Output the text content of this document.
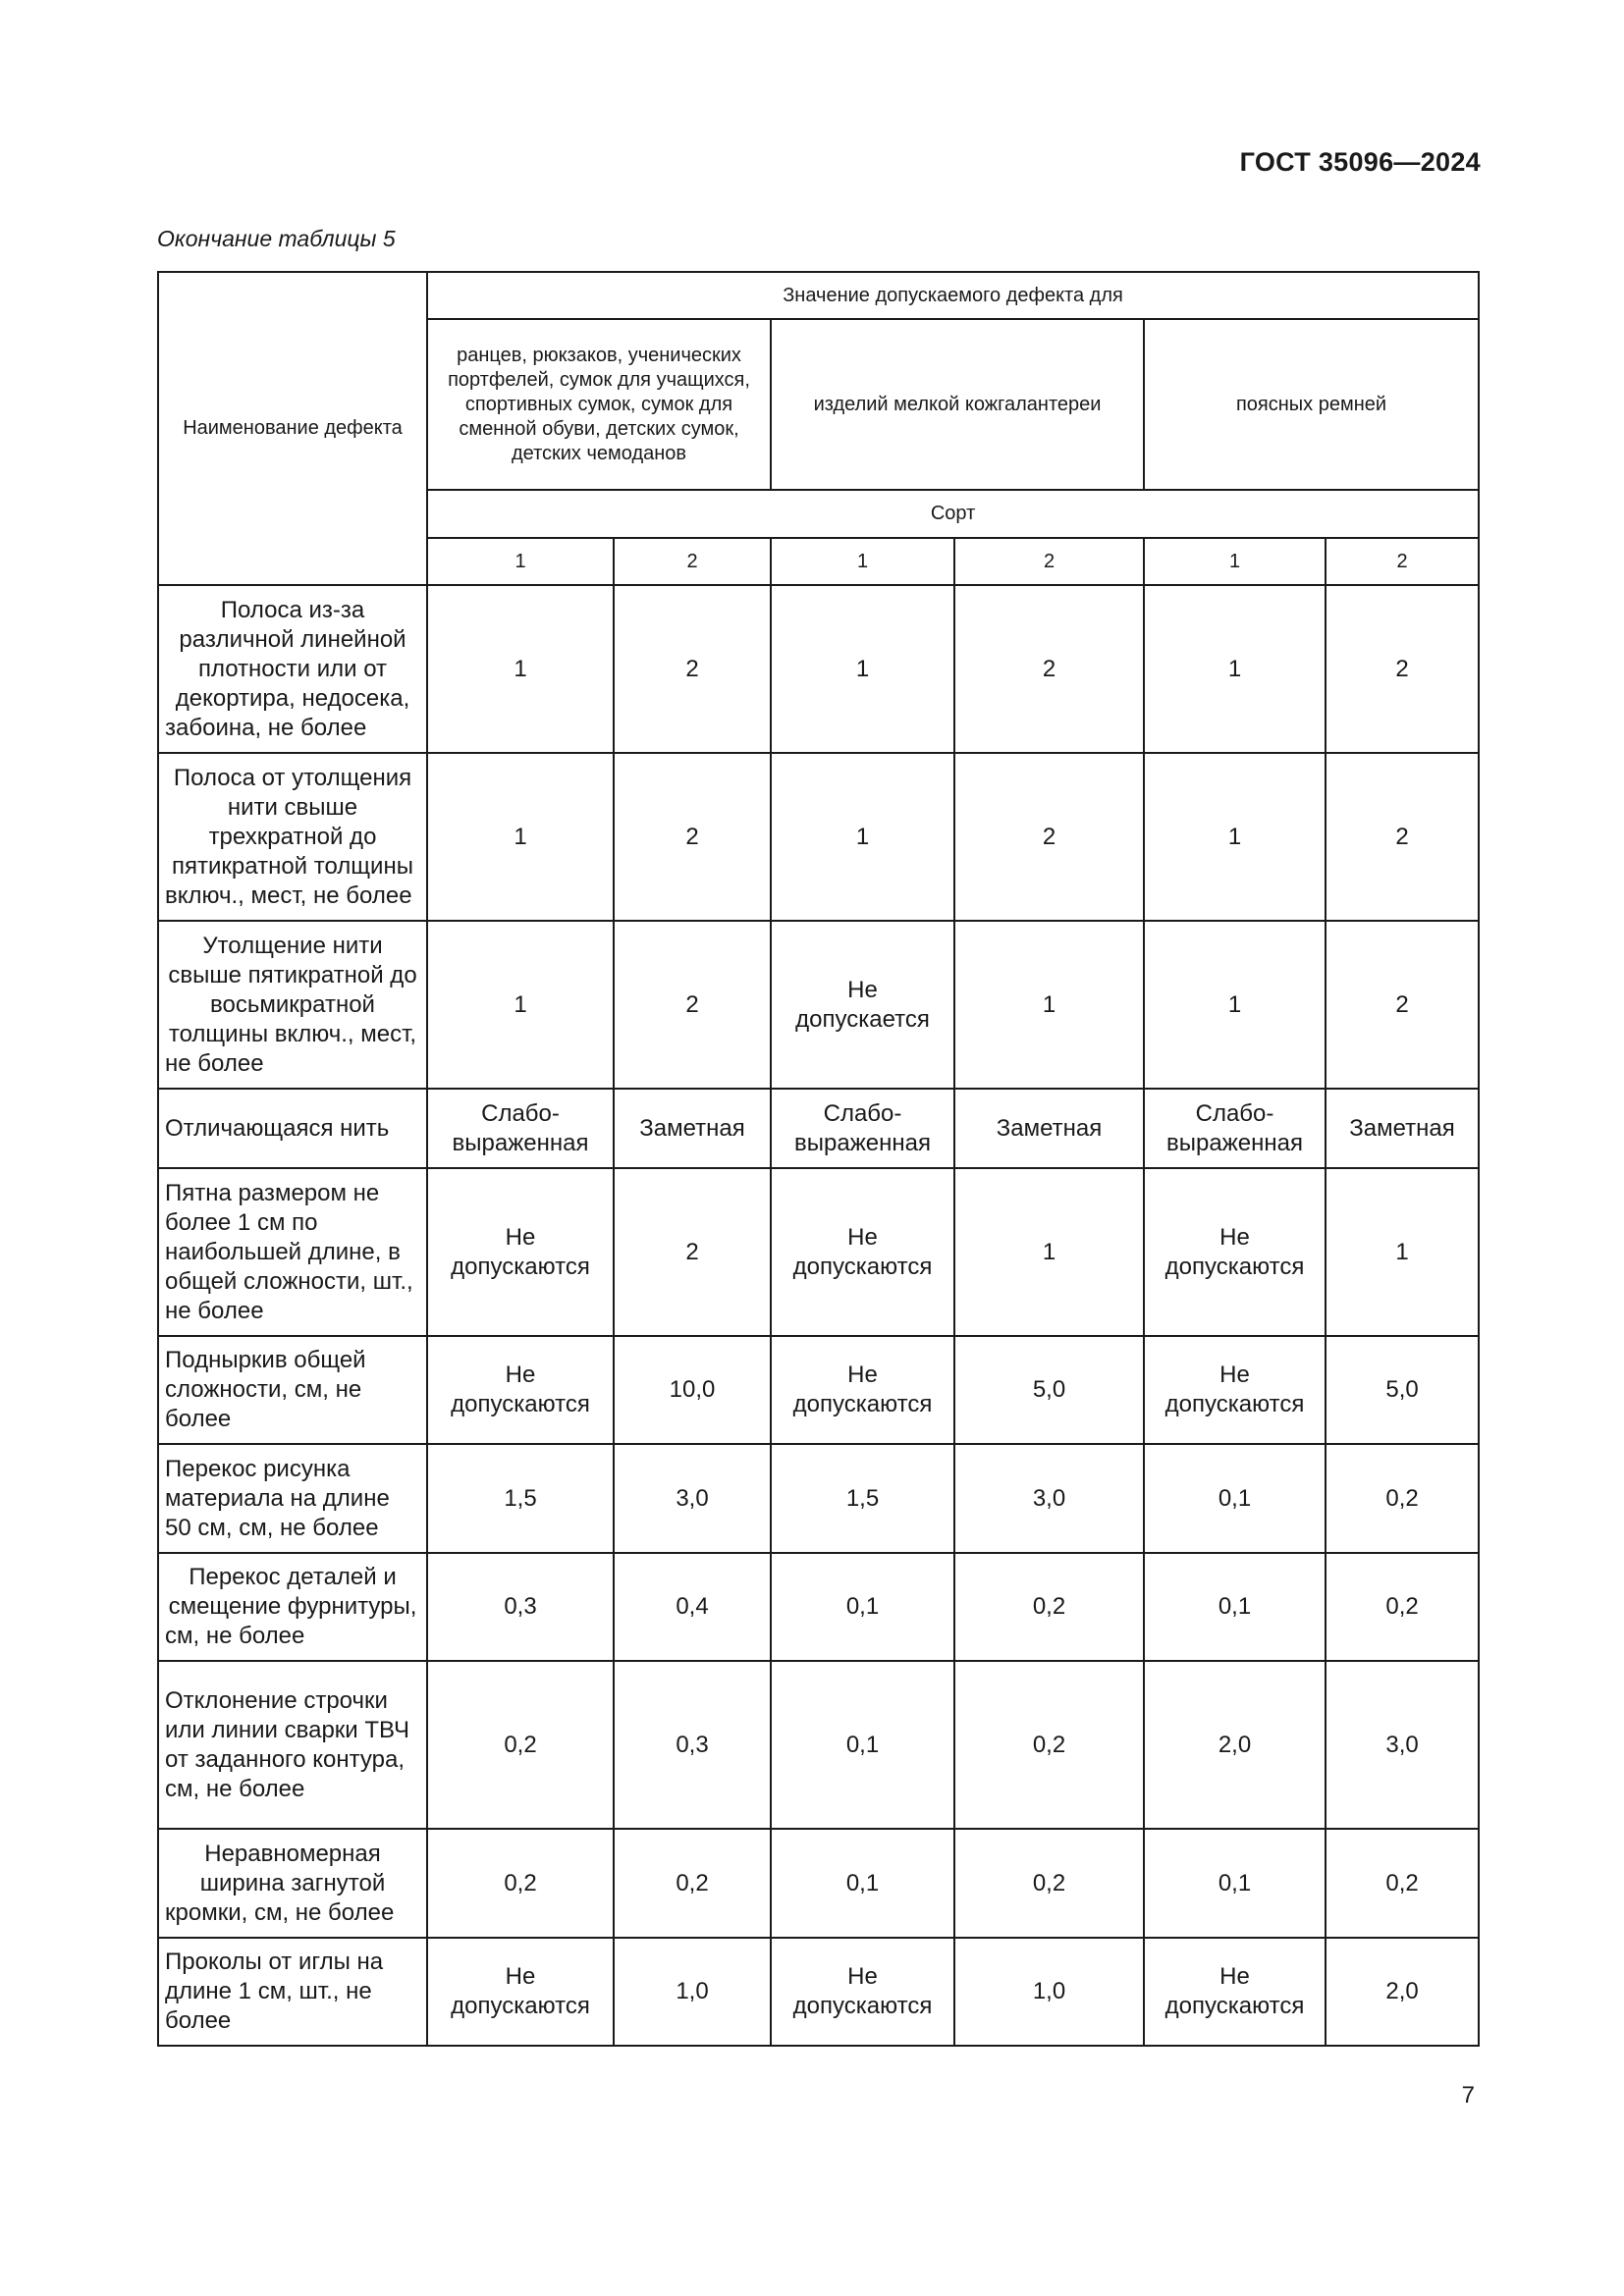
ГОСТ 35096—2024
Окончание таблицы 5
Наименование дефекта	Значение допускаемого дефекта для					
	ранцев, рюкзаков, ученических портфелей, сумок для учащихся, спортивных сумок, сумок для сменной обуви, детских сумок, детских чемоданов		изделий мелкой кожгалантереи		поясных ремней	
	Сорт					
	1	2	1	2	1	2
Полоса из-за различной линейной плотности или от декортира, недосека, забоина, не более	1	2	1	2	1	2
Полоса от утолщения нити свыше трехкратной до пятикратной толщины включ., мест, не более	1	2	1	2	1	2
Утолщение нити свыше пятикратной до восьмикратной толщины включ., мест, не более	1	2	Не допускается	1	1	2
Отличающаяся нить	Слабо-выраженная	Заметная	Слабо-выраженная	Заметная	Слабо-выраженная	Заметная
Пятна размером не более 1 см по наибольшей длине, в общей сложности, шт., не более	Не допускаются	2	Не допускаются	1	Не допускаются	1
Подныркив общей сложности, см, не более	Не допускаются	10,0	Не допускаются	5,0	Не допускаются	5,0
Перекос рисунка материала на длине 50 см, см, не более	1,5	3,0	1,5	3,0	0,1	0,2
Перекос деталей и смещение фурнитуры, см, не более	0,3	0,4	0,1	0,2	0,1	0,2
Отклонение строчки или линии сварки ТВЧ от заданного контура, см, не более	0,2	0,3	0,1	0,2	2,0	3,0
Неравномерная ширина загнутой кромки, см, не более	0,2	0,2	0,1	0,2	0,1	0,2
Проколы от иглы на длине 1 см, шт., не более	Не допускаются	1,0	Не допускаются	1,0	Не допускаются	2,0
7
